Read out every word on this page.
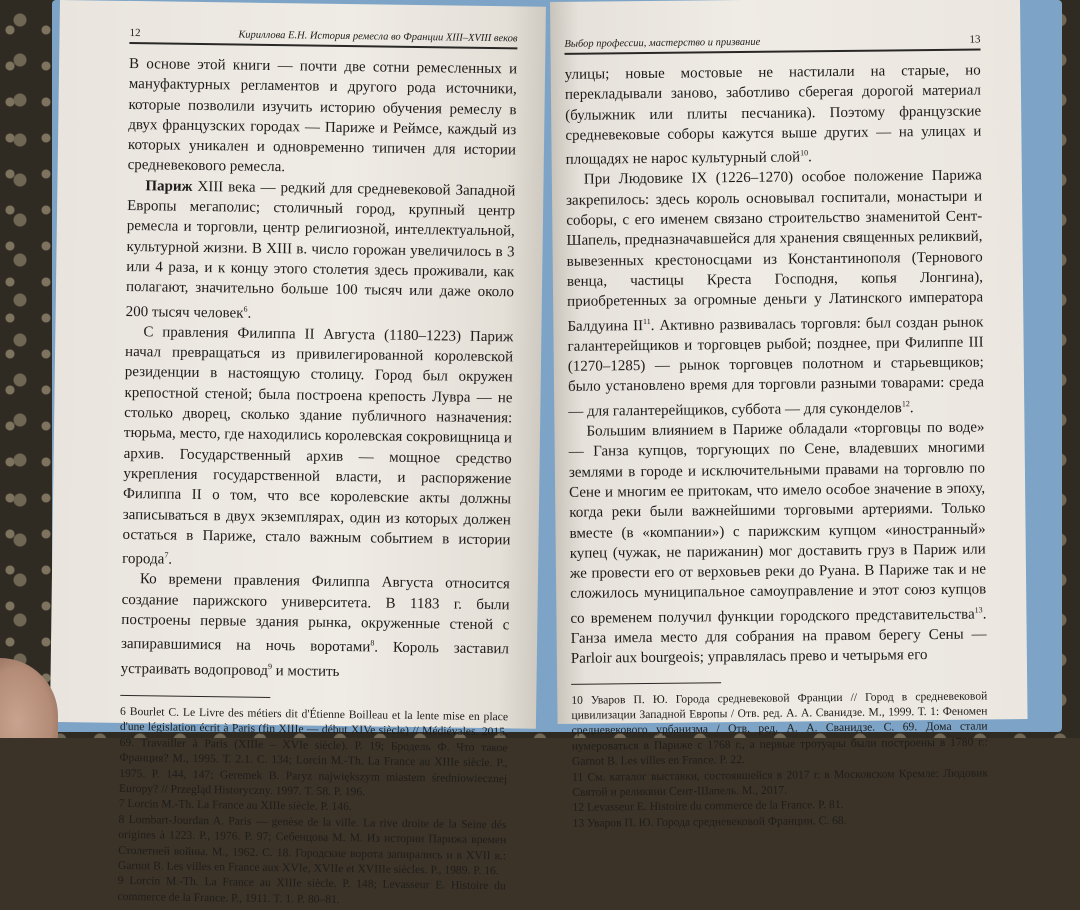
12	Кириллова Е.Н. История ремесла во Франции XIII–XVIII веков

В основе этой книги — почти две сотни ремесленных и мануфактурных регламентов и другого рода источники, которые позволили изучить историю обучения ремеслу в двух французских городах — Париже и Реймсе, каждый из которых уникален и одновременно типичен для истории средневекового ремесла.

Париж XIII века — редкий для средневековой Западной Европы мегаполис; столичный город, крупный центр ремесла и торговли, центр религиозной, интеллектуальной, культурной жизни. В XIII в. число горожан увеличилось в 3 или 4 раза, и к концу этого столетия здесь проживали, как полагают, значительно больше 100 тысяч или даже около 200 тысяч человек$^6$.

С правления Филиппа II Августа (1180–1223) Париж начал превращаться из привилегированной королевской резиденции в настоящую столицу. Город был окружен крепостной стеной; была построена крепость Лувра — не столько дворец, сколько здание публичного назначения: тюрьма, место, где находились королевская сокровищница и архив. Государственный архив — мощное средство укрепления государственной власти, и распоряжение Филиппа II о том, что все королевские акты должны записываться в двух экземплярах, один из которых должен остаться в Париже, стало важным событием в истории города$^7$.

Ко времени правления Филиппа Августа относится создание парижского университета. В 1183 г. были построены первые здания рынка, окруженные стеной с запиравшимися на ночь воротами$^8$. Король заставил устраивать водопровод$^9$ и мостить

6 Bourlet C. Le Livre des métiers dit d'Étienne Boilleau et la lente mise en place d'une législation écrit à Paris (fin XIIIe — début XIVe siècle) // Médiévales. 2015. 69. Travailler à Paris (XIIIe – XVIe siècle). P. 19; Бродель Ф. Что такое Франция? М., 1995. Т. 2.1. С. 134; Lorcin M.-Th. La France au XIIIe siècle. P., 1975. P. 144, 147; Geremek B. Paryz największym miastem średniowiecznej Europy? // Przegląd Historyczny. 1997. T. 58. P. 196.

7 Lorcin M.-Th. La France au XIIIe siècle. P. 146.

8 Lombart-Jourdan A. Paris — genèse de la ville. La rive droite de la Seine dés origines à 1223. P., 1976. P. 97; Себенцова М. М. Из истории Парижа времен Столетней войны. М., 1962. С. 18. Городские ворота запирались и в XVII в.: Garnot B. Les villes en France aux XVIe, XVIIe et XVIIIe siècles. P., 1989. P. 16.

9 Lorcin M.-Th. La France au XIIIe siècle. P. 148; Levasseur E. Histoire du commerce de la France. P., 1911. T. 1. P. 80–81.

Выбор профессии, мастерство и призвание	13

улицы; новые мостовые не настилали на старые, но перекладывали заново, заботливо сберегая дорогой материал (булыжник или плиты песчаника). Поэтому французские средневековые соборы кажутся выше других — на улицах и площадях не нарос культурный слой$^{10}$.

При Людовике IX (1226–1270) особое положение Парижа закрепилось: здесь король основывал госпитали, монастыри и соборы, с его именем связано строительство знаменитой Сент-Шапель, предназначавшейся для хранения священных реликвий, вывезенных крестоносцами из Константинополя (Тернового венца, частицы Креста Господня, копья Лонгина), приобретенных за огромные деньги у Латинского императора Балдуина II$^{11}$. Активно развивалась торговля: был создан рынок галантерейщиков и торговцев рыбой; позднее, при Филиппе III (1270–1285) — рынок торговцев полотном и старьевщиков; было установлено время для торговли разными товарами: среда — для галантерейщиков, суббота — для суконделов$^{12}$.

Большим влиянием в Париже обладали «торговцы по воде» — Ганза купцов, торгующих по Сене, владевших многими землями в городе и исключительными правами на торговлю по Сене и многим ее притокам, что имело особое значение в эпоху, когда реки были важнейшими торговыми артериями. Только вместе (в «компании») с парижским купцом «иностранный» купец (чужак, не парижанин) мог доставить груз в Париж или же провести его от верховьев реки до Руана. В Париже так и не сложилось муниципальное самоуправление и этот союз купцов со временем получил функции городского представительства$^{13}$. Ганза имела место для собрания на правом берегу Сены — Parloir aux bourgeois; управлялась прево и четырьмя его

10 Уваров П. Ю. Города средневековой Франции // Город в средневековой цивилизации Западной Европы / Отв. ред. А. А. Сванидзе. М., 1999. Т. 1: Феномен средневекового урбанизма / Отв. ред. А. А. Сванидзе. С. 69. Дома стали нумероваться в Париже с 1768 г., а первые тротуары были построены в 1780 г.: Garnot B. Les villes en France. P. 22.

11 См. каталог выставки, состоявшейся в 2017 г. в Московском Кремле: Людовик Святой и реликвии Сент-Шапель. М., 2017.

12 Levasseur E. Histoire du commerce de la France. P. 81.

13 Уваров П. Ю. Города средневековой Франции. С. 68.
